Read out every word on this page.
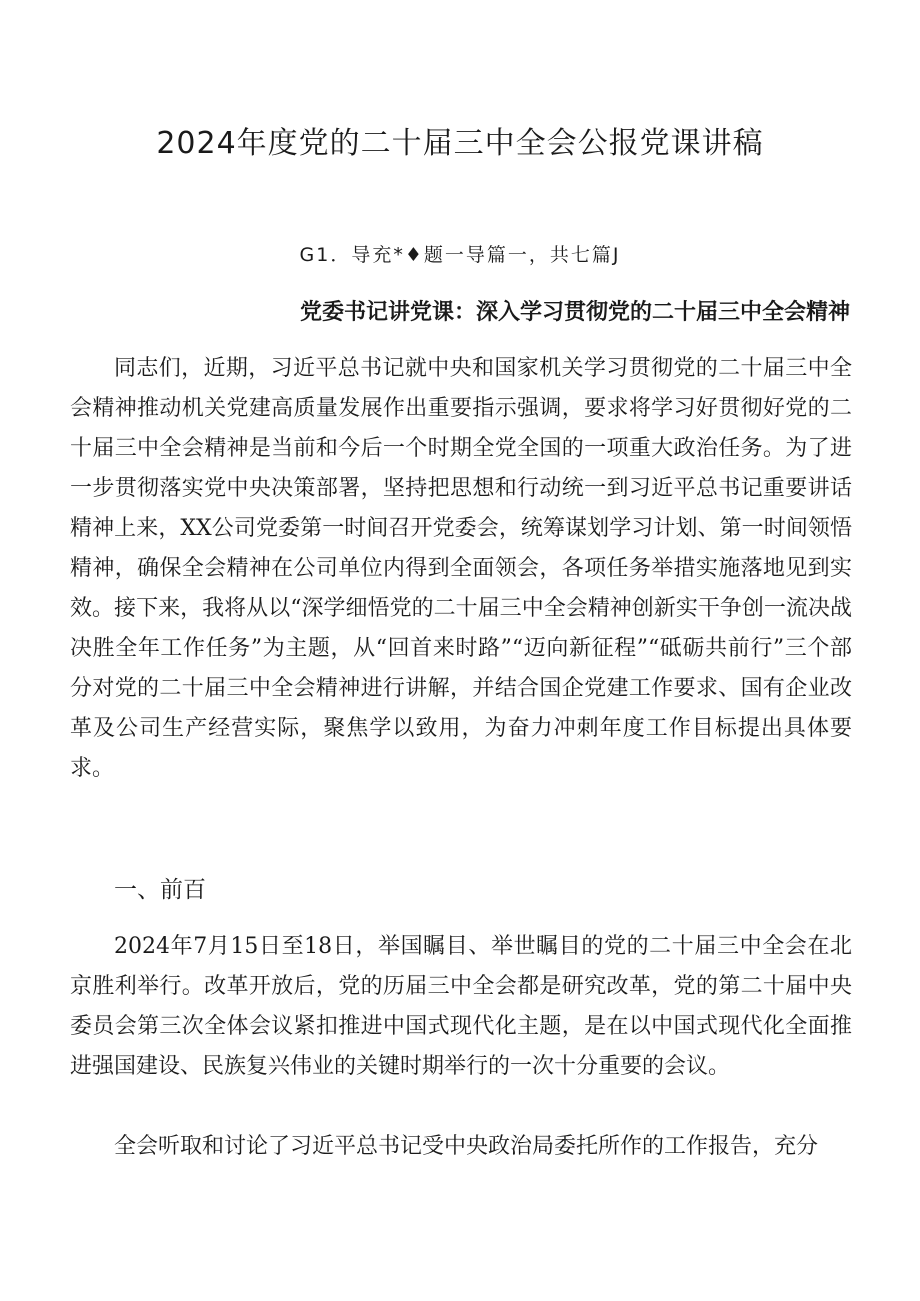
2024年度党的二十届三中全会公报党课讲稿
G1．导充*♦题一导篇一，共七篇J
党委书记讲党课：深入学习贯彻党的二十届三中全会精神

同志们，近期，习近平总书记就中央和国家机关学习贯彻党的二十届三中全会精神推动机关党建高质量发展作出重要指示强调，要求将学习好贯彻好党的二十届三中全会精神是当前和今后一个时期全党全国的一项重大政治任务。为了进一步贯彻落实党中央决策部署，坚持把思想和行动统一到习近平总书记重要讲话精神上来，XX公司党委第一时间召开党委会，统筹谋划学习计划、第一时间领悟精神，确保全会精神在公司单位内得到全面领会，各项任务举措实施落地见到实效。接下来，我将从以“深学细悟党的二十届三中全会精神创新实干争创一流决战决胜全年工作任务”为主题，从“回首来时路”“迈向新征程”“砥砺共前行”三个部分对党的二十届三中全会精神进行讲解，并结合国企党建工作要求、国有企业改革及公司生产经营实际，聚焦学以致用，为奋力冲刺年度工作目标提出具体要求。

一、前百

2024年7月15日至18日，举国瞩目、举世瞩目的党的二十届三中全会在北京胜利举行。改革开放后，党的历届三中全会都是研究改革，党的第二十届中央委员会第三次全体会议紧扣推进中国式现代化主题，是在以中国式现代化全面推进强国建设、民族复兴伟业的关键时期举行的一次十分重要的会议。

全会听取和讨论了习近平总书记受中央政治局委托所作的工作报告，充分
